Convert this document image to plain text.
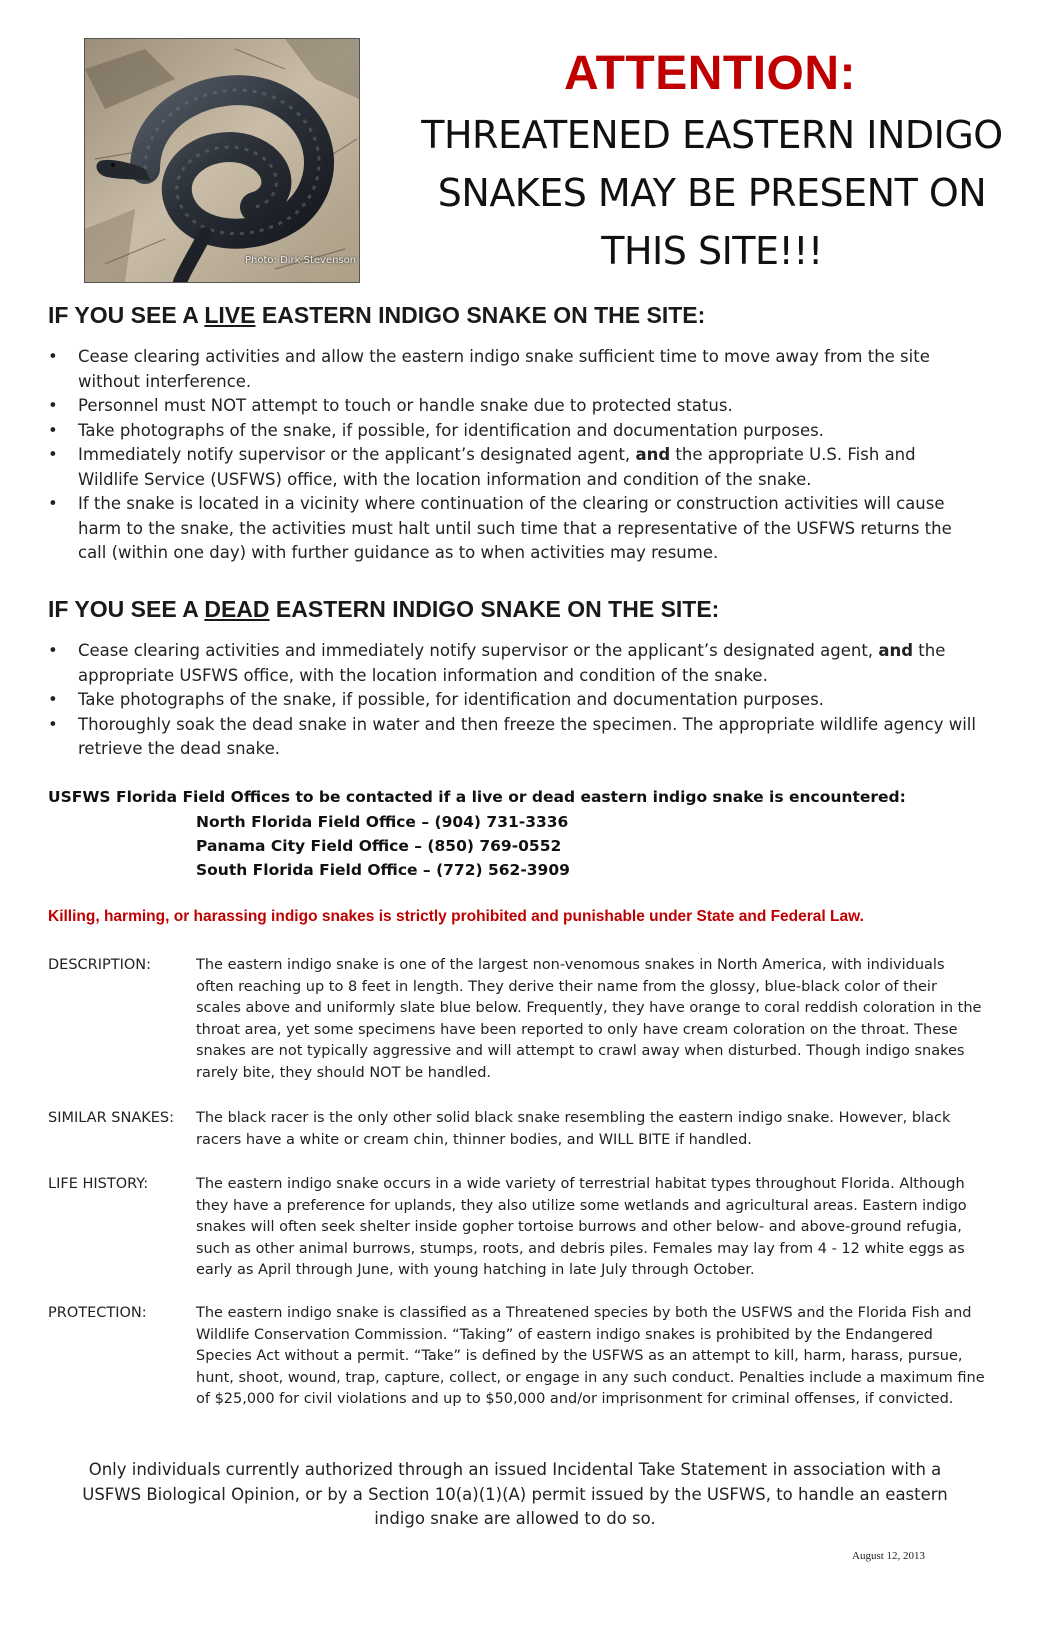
Photo: Dirk Stevenson
ATTENTION:
THREATENED EASTERN INDIGO
SNAKES MAY BE PRESENT ON
THIS SITE!!!
IF YOU SEE A LIVE EASTERN INDIGO SNAKE ON THE SITE:
• Cease clearing activities and allow the eastern indigo snake sufficient time to move away from the site without interference.
• Personnel must NOT attempt to touch or handle snake due to protected status.
• Take photographs of the snake, if possible, for identification and documentation purposes.
• Immediately notify supervisor or the applicant’s designated agent, and the appropriate U.S. Fish and Wildlife Service (USFWS) office, with the location information and condition of the snake.
• If the snake is located in a vicinity where continuation of the clearing or construction activities will cause harm to the snake, the activities must halt until such time that a representative of the USFWS returns the call (within one day) with further guidance as to when activities may resume.
IF YOU SEE A DEAD EASTERN INDIGO SNAKE ON THE SITE:
• Cease clearing activities and immediately notify supervisor or the applicant’s designated agent, and the appropriate USFWS office, with the location information and condition of the snake.
• Take photographs of the snake, if possible, for identification and documentation purposes.
• Thoroughly soak the dead snake in water and then freeze the specimen. The appropriate wildlife agency will retrieve the dead snake.
USFWS Florida Field Offices to be contacted if a live or dead eastern indigo snake is encountered:
North Florida Field Office – (904) 731-3336
Panama City Field Office – (850) 769-0552
South Florida Field Office – (772) 562-3909
Killing, harming, or harassing indigo snakes is strictly prohibited and punishable under State and Federal Law.
DESCRIPTION:	The eastern indigo snake is one of the largest non-venomous snakes in North America, with individuals often reaching up to 8 feet in length. They derive their name from the glossy, blue-black color of their scales above and uniformly slate blue below. Frequently, they have orange to coral reddish coloration in the throat area, yet some specimens have been reported to only have cream coloration on the throat. These snakes are not typically aggressive and will attempt to crawl away when disturbed. Though indigo snakes rarely bite, they should NOT be handled.
SIMILAR SNAKES: The black racer is the only other solid black snake resembling the eastern indigo snake. However, black racers have a white or cream chin, thinner bodies, and WILL BITE if handled.
LIFE HISTORY:	The eastern indigo snake occurs in a wide variety of terrestrial habitat types throughout Florida. Although they have a preference for uplands, they also utilize some wetlands and agricultural areas. Eastern indigo snakes will often seek shelter inside gopher tortoise burrows and other below- and above-ground refugia, such as other animal burrows, stumps, roots, and debris piles. Females may lay from 4 - 12 white eggs as early as April through June, with young hatching in late July through October.
PROTECTION:	The eastern indigo snake is classified as a Threatened species by both the USFWS and the Florida Fish and Wildlife Conservation Commission. “Taking” of eastern indigo snakes is prohibited by the Endangered Species Act without a permit. “Take” is defined by the USFWS as an attempt to kill, harm, harass, pursue, hunt, shoot, wound, trap, capture, collect, or engage in any such conduct. Penalties include a maximum fine of $25,000 for civil violations and up to $50,000 and/or imprisonment for criminal offenses, if convicted.
Only individuals currently authorized through an issued Incidental Take Statement in association with a USFWS Biological Opinion, or by a Section 10(a)(1)(A) permit issued by the USFWS, to handle an eastern indigo snake are allowed to do so.
August 12, 2013
